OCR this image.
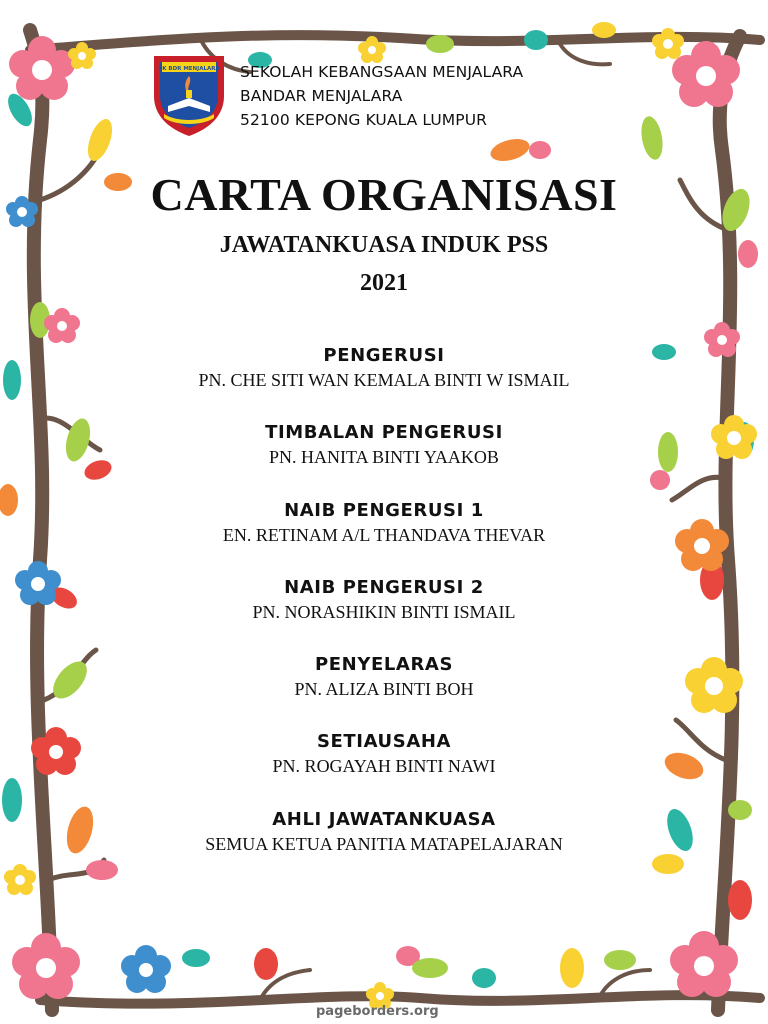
SK BDR MENJALARA SEKOLAH KEBANGSAAN MENJALARA
BANDAR MENJALARA
52100 KEPONG KUALA LUMPUR
CARTA ORGANISASI
JAWATANKUASA INDUK PSS
2021
PENGERUSI
PN. CHE SITI WAN KEMALA BINTI W ISMAIL
TIMBALAN PENGERUSI
PN. HANITA BINTI YAAKOB
NAIB PENGERUSI 1
EN. RETINAM A/L THANDAVA THEVAR
NAIB PENGERUSI 2
PN. NORASHIKIN BINTI ISMAIL
PENYELARAS
PN. ALIZA BINTI BOH
SETIAUSAHA
PN. ROGAYAH BINTI NAWI
AHLI JAWATANKUASA
SEMUA KETUA PANITIA MATAPELAJARAN
pageborders.org
